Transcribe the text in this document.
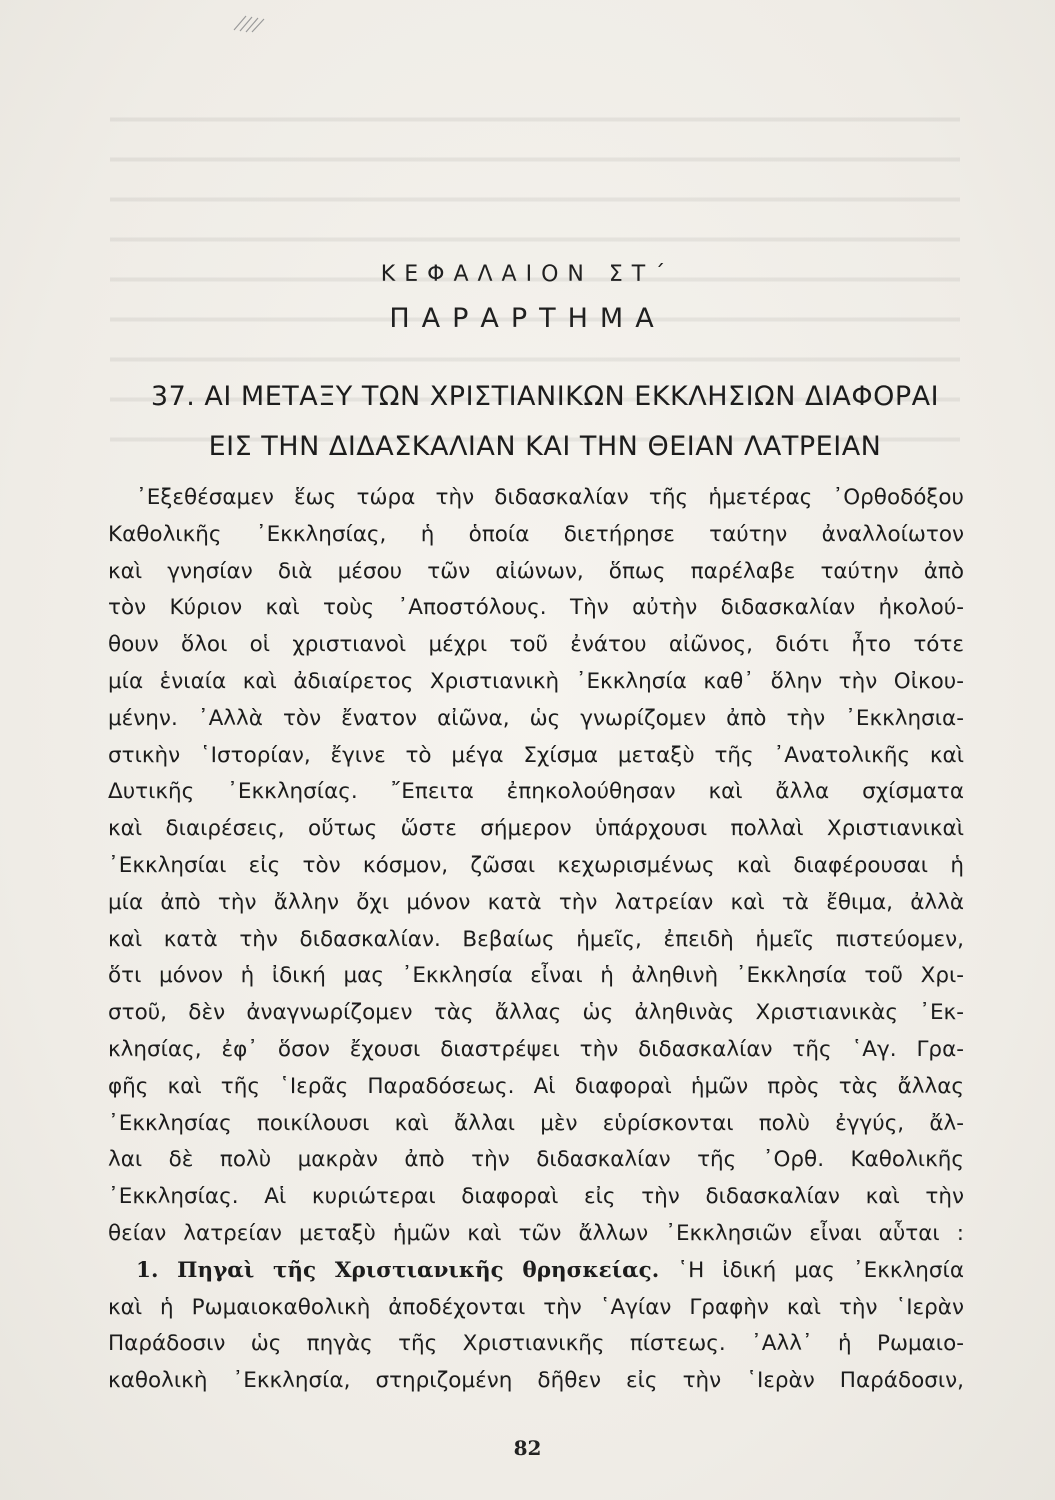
ΚΕΦΑΛΑΙΟΝ ΣΤ΄
ΠΑΡΑΡΤΗΜΑ
37. ΑΙ ΜΕΤΑΞΥ ΤΩΝ ΧΡΙΣΤΙΑΝΙΚΩΝ ΕΚΚΛΗΣΙΩΝ ΔΙΑΦΟΡΑΙ
ΕΙΣ ΤΗΝ ΔΙΔΑΣΚΑΛΙΑΝ ΚΑΙ ΤΗΝ ΘΕΙΑΝ ΛΑΤΡΕΙΑΝ
᾿Εξεθέσαμεν ἕως τώρα τὴν διδασκαλίαν τῆς ἡμετέρας ᾿Ορθοδόξου
Καθολικῆς ᾿Εκκλησίας, ἡ ὁποία διετήρησε ταύτην ἀναλλοίωτον
καὶ γνησίαν διὰ μέσου τῶν αἰώνων, ὅπως παρέλαβε ταύτην ἀπὸ
τὸν Κύριον καὶ τοὺς ᾿Αποστόλους. Τὴν αὐτὴν διδασκαλίαν ἠκολού-
θουν ὅλοι οἱ χριστιανοὶ μέχρι τοῦ ἐνάτου αἰῶνος, διότι ἦτο τότε
μία ἑνιαία καὶ ἀδιαίρετος Χριστιανικὴ ᾿Εκκλησία καθ᾿ ὅλην τὴν Οἰκου-
μένην. ᾿Αλλὰ τὸν ἔνατον αἰῶνα, ὡς γνωρίζομεν ἀπὸ τὴν ᾿Εκκλησια-
στικὴν ῾Ιστορίαν, ἔγινε τὸ μέγα Σχίσμα μεταξὺ τῆς ᾿Ανατολικῆς καὶ
Δυτικῆς ᾿Εκκλησίας. ῎Επειτα ἐπηκολούθησαν καὶ ἄλλα σχίσματα
καὶ διαιρέσεις, οὕτως ὥστε σήμερον ὑπάρχουσι πολλαὶ Χριστιανικαὶ
᾿Εκκλησίαι εἰς τὸν κόσμον, ζῶσαι κεχωρισμένως καὶ διαφέρουσαι ἡ
μία ἀπὸ τὴν ἄλλην ὄχι μόνον κατὰ τὴν λατρείαν καὶ τὰ ἔθιμα, ἀλλὰ
καὶ κατὰ τὴν διδασκαλίαν. Βεβαίως ἡμεῖς, ἐπειδὴ ἡμεῖς πιστεύομεν,
ὅτι μόνον ἡ ἰδική μας ᾿Εκκλησία εἶναι ἡ ἀληθινὴ ᾿Εκκλησία τοῦ Χρι-
στοῦ, δὲν ἀναγνωρίζομεν τὰς ἄλλας ὡς ἀληθινὰς Χριστιανικὰς ᾿Εκ-
κλησίας, ἐφ᾿ ὅσον ἔχουσι διαστρέψει τὴν διδασκαλίαν τῆς ῾Αγ. Γρα-
φῆς καὶ τῆς ῾Ιερᾶς Παραδόσεως. Αἱ διαφοραὶ ἡμῶν πρὸς τὰς ἄλλας
᾿Εκκλησίας ποικίλουσι καὶ ἄλλαι μὲν εὑρίσκονται πολὺ ἐγγύς, ἄλ-
λαι δὲ πολὺ μακρὰν ἀπὸ τὴν διδασκαλίαν τῆς ᾿Ορθ. Καθολικῆς
᾿Εκκλησίας. Αἱ κυριώτεραι διαφοραὶ εἰς τὴν διδασκαλίαν καὶ τὴν
θείαν λατρείαν μεταξὺ ἡμῶν καὶ τῶν ἄλλων ᾿Εκκλησιῶν εἶναι αὗται :
1. Πηγαὶ τῆς Χριστιανικῆς θρησκείας. ῾Η ἰδική μας ᾿Εκκλησία
καὶ ἡ Ρωμαιοκαθολικὴ ἀποδέχονται τὴν ῾Αγίαν Γραφὴν καὶ τὴν ῾Ιερὰν
Παράδοσιν ὡς πηγὰς τῆς Χριστιανικῆς πίστεως. ᾿Αλλ᾿ ἡ Ρωμαιο-
καθολικὴ ᾿Εκκλησία, στηριζομένη δῆθεν εἰς τὴν ῾Ιερὰν Παράδοσιν,
82
